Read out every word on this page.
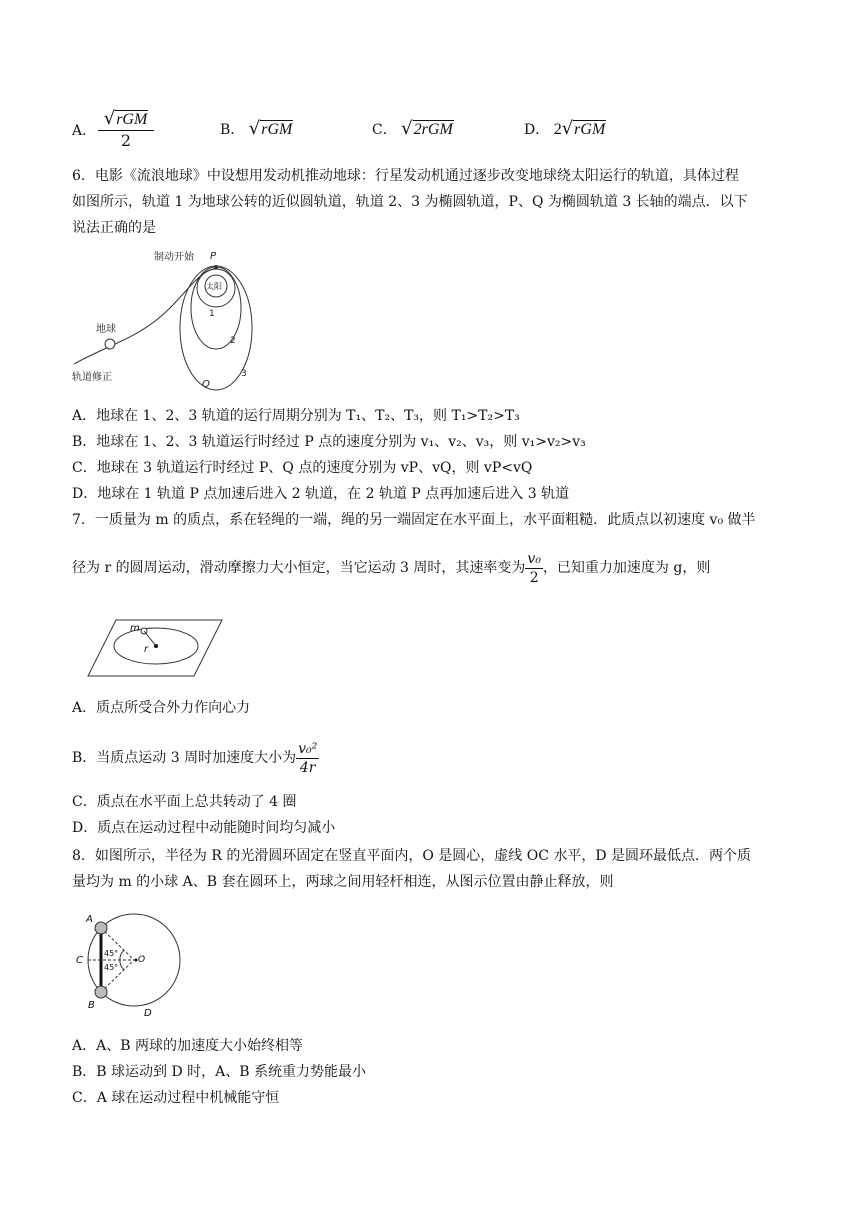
A．
√rGM
2
B． √rGM	C． √2rGM	D． 2√rGM
6．电影《流浪地球》中设想用发动机推动地球：行星发动机通过逐步改变地球绕太阳运行的轨道，具体过程
如图所示，轨道 1 为地球公转的近似圆轨道，轨道 2、3 为椭圆轨道，P、Q 为椭圆轨道 3 长轴的端点．以下
说法正确的是
制动开始 P
太阳
地球
轨道修正
Q
1
2
3
A．地球在 1、2、3 轨道的运行周期分别为 T₁、T₂、T₃，则 T₁>T₂>T₃
B．地球在 1、2、3 轨道运行时经过 P 点的速度分别为 v₁、v₂、v₃，则 v₁>v₂>v₃
C．地球在 3 轨道运行时经过 P、Q 点的速度分别为 vP、vQ，则 vP<vQ
D．地球在 1 轨道 P 点加速后进入 2 轨道，在 2 轨道 P 点再加速后进入 3 轨道
7．一质量为 m 的质点，系在轻绳的一端，绳的另一端固定在水平面上，水平面粗糙．此质点以初速度 v₀ 做半
径为 r 的圆周运动，滑动摩擦力大小恒定，当它运动 3 周时，其速率变为 $\frac{\text{v₀}}{2}$ ，已知重力加速度为 g，则
m
r
A．质点所受合外力作向心力
B．当质点运动 3 周时加速度大小为 $\frac{\text{v₀²}}{4r}$
C．质点在水平面上总共转动了 4 圈
D．质点在运动过程中动能随时间均匀减小
8．如图所示，半径为 R 的光滑圆环固定在竖直平面内，O 是圆心，虚线 OC 水平，D 是圆环最低点．两个质
量均为 m 的小球 A、B 套在圆环上，两球之间用轻杆相连，从图示位置由静止释放，则
A
B
C	O
D
45°
45°
A．A、B 两球的加速度大小始终相等
B．B 球运动到 D 时，A、B 系统重力势能最小
C．A 球在运动过程中机械能守恒
